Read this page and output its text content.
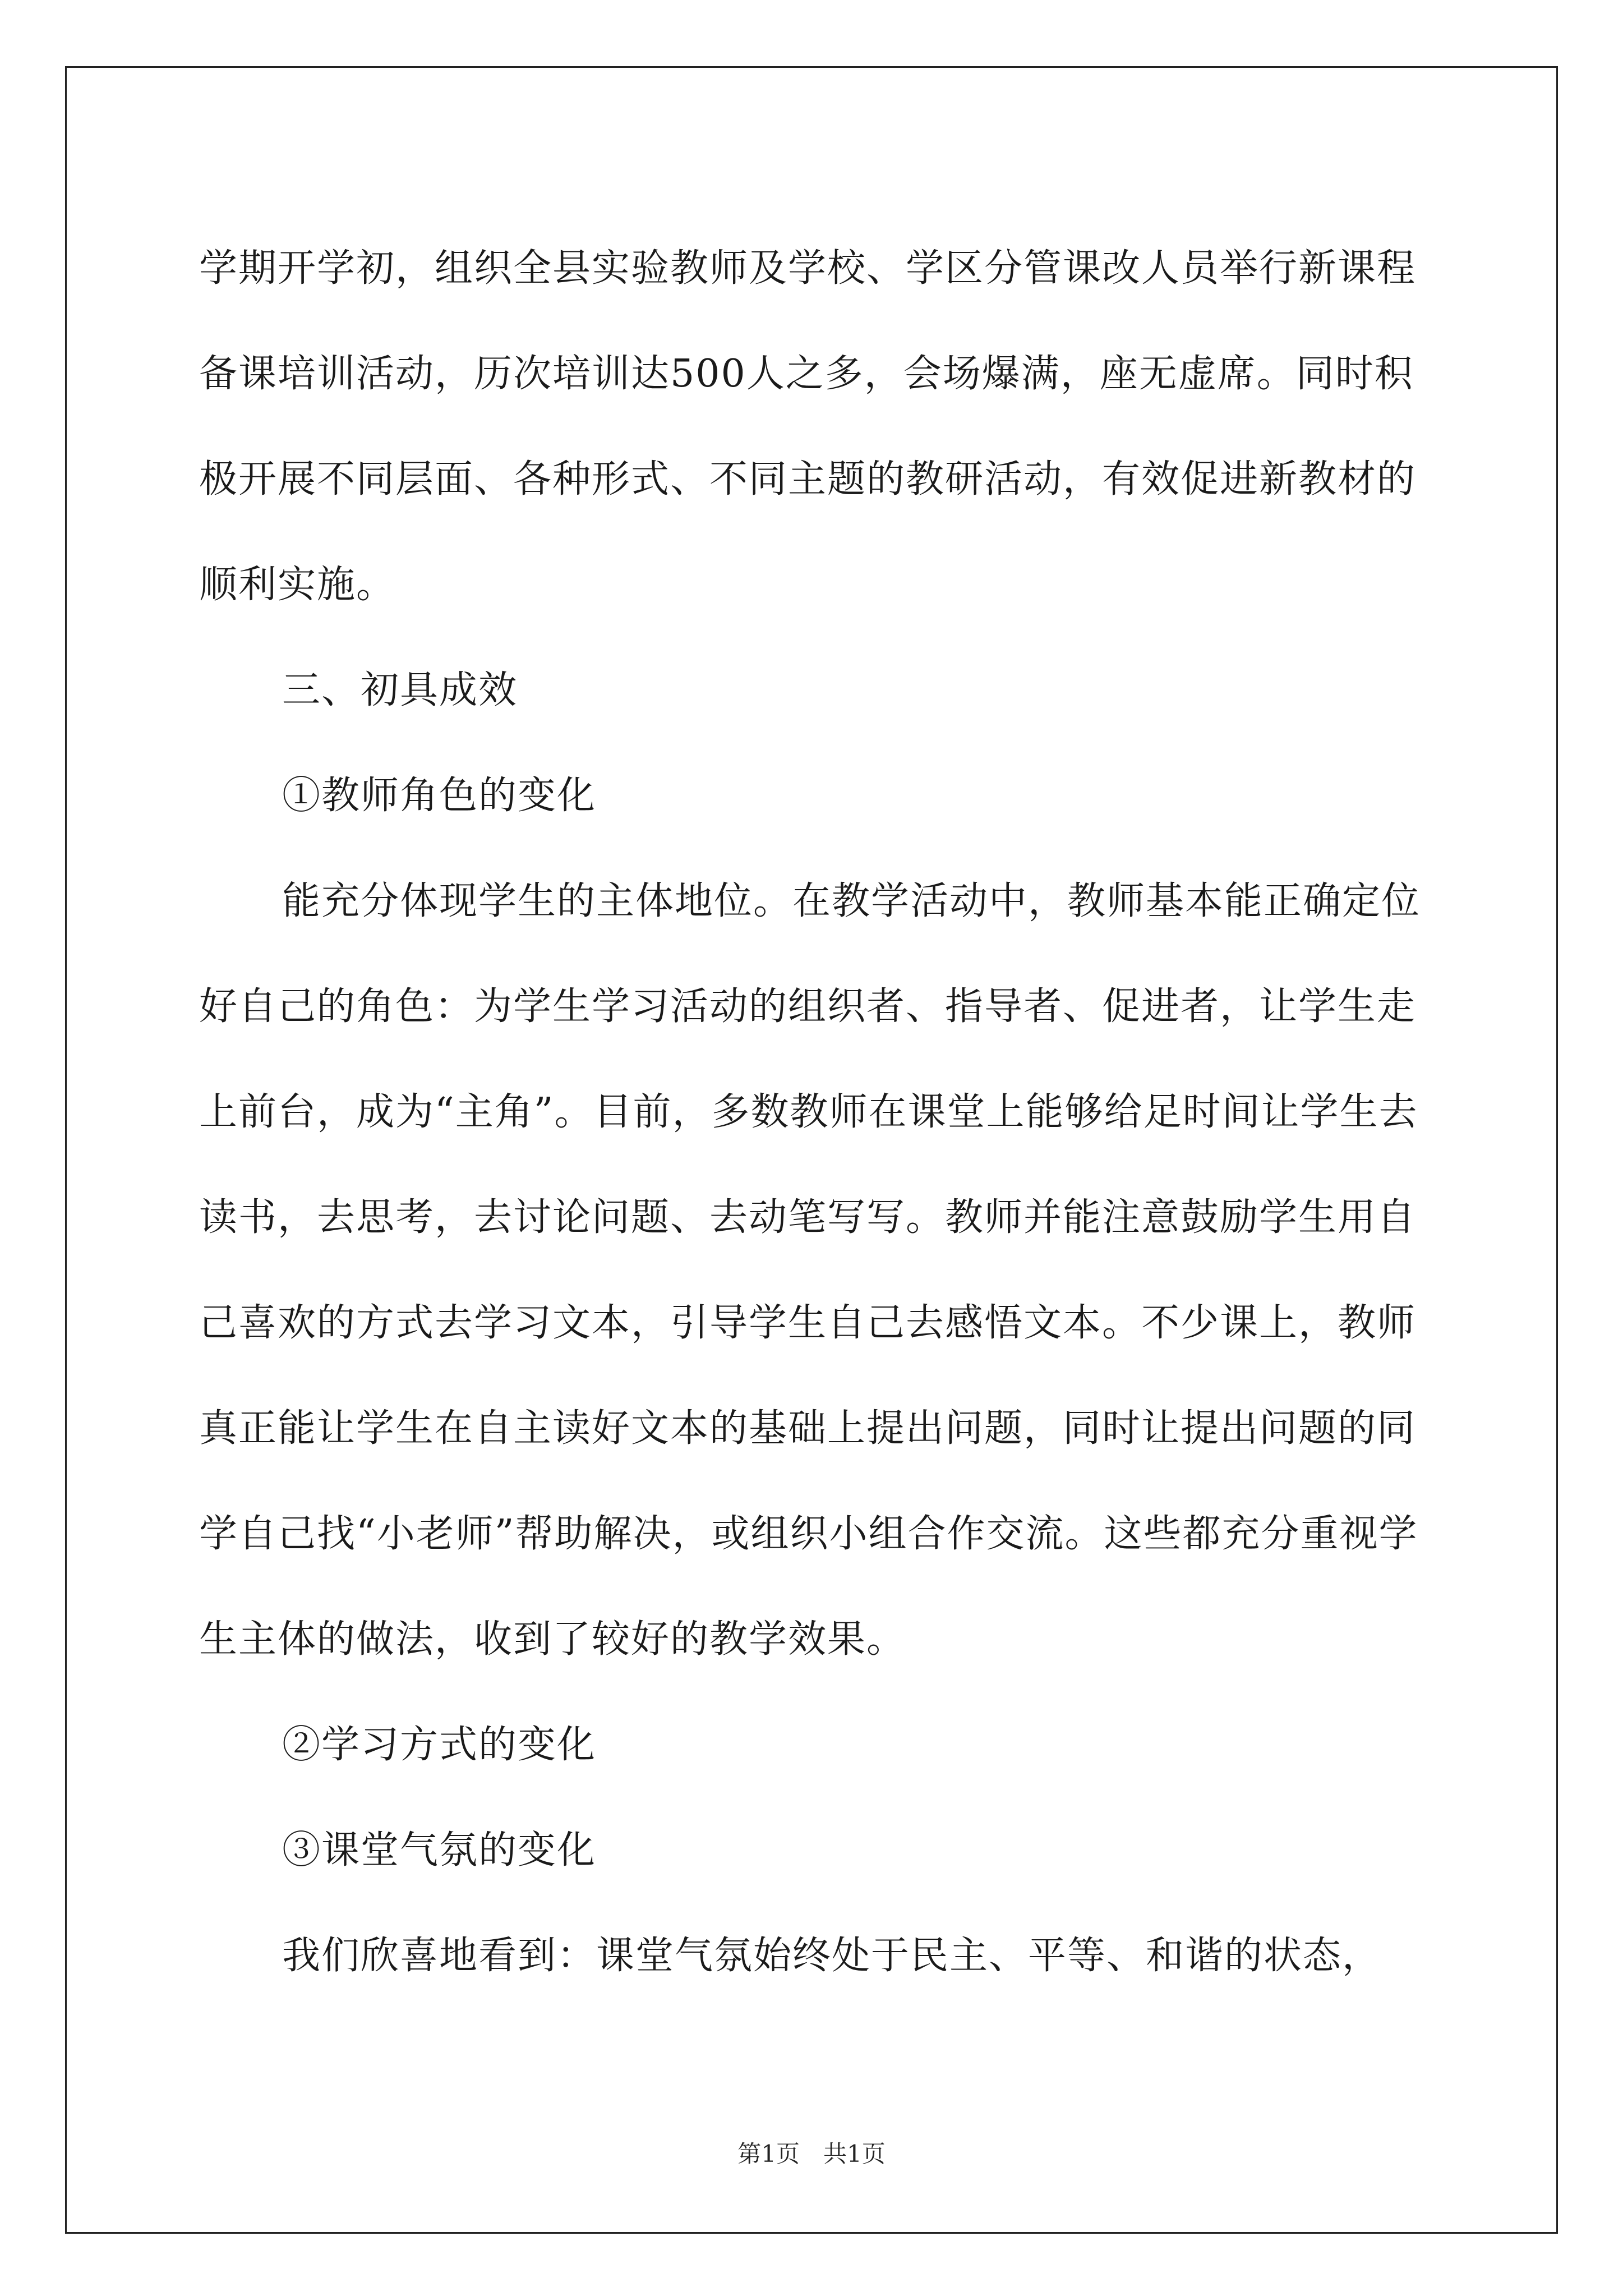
学期开学初，组织全县实验教师及学校、学区分管课改人员举行新课程备课培训活动，历次培训达500人之多，会场爆满，座无虚席。同时积极开展不同层面、各种形式、不同主题的教研活动，有效促进新教材的顺利实施。

三、初具成效

①教师角色的变化

能充分体现学生的主体地位。在教学活动中，教师基本能正确定位好自己的角色：为学生学习活动的组织者、指导者、促进者，让学生走上前台，成为“主角”。目前，多数教师在课堂上能够给足时间让学生去读书，去思考，去讨论问题、去动笔写写。教师并能注意鼓励学生用自己喜欢的方式去学习文本，引导学生自己去感悟文本。不少课上，教师真正能让学生在自主读好文本的基础上提出问题，同时让提出问题的同学自己找“小老师”帮助解决，或组织小组合作交流。这些都充分重视学生主体的做法，收到了较好的教学效果。

②学习方式的变化

③课堂气氛的变化

我们欣喜地看到：课堂气氛始终处于民主、平等、和谐的状态，

第1页　共1页
